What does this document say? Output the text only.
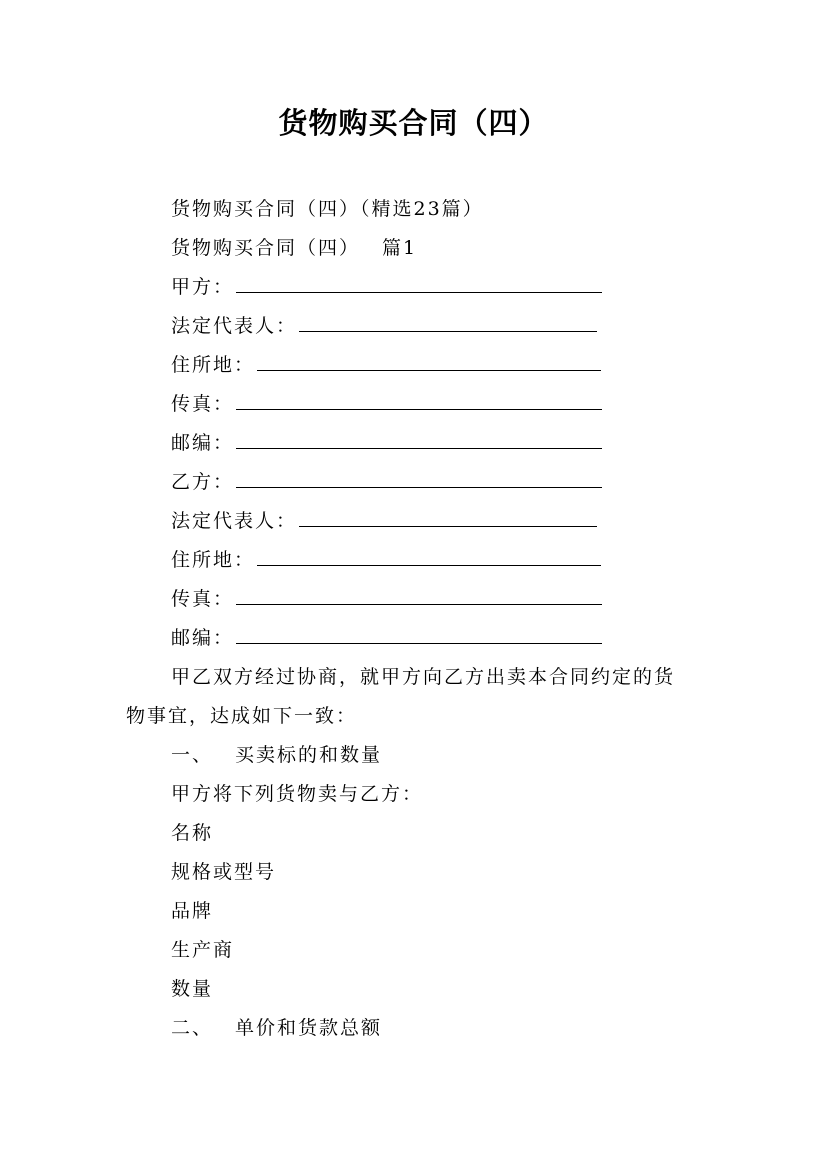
货物购买合同（四）
货物购买合同（四）（精选23篇）
货物购买合同（四） 篇1
甲方：
法定代表人：
住所地：
传真：
邮编：
乙方：
法定代表人：
住所地：
传真：
邮编：
甲乙双方经过协商，就甲方向乙方出卖本合同约定的货
物事宜，达成如下一致：
一、 买卖标的和数量
甲方将下列货物卖与乙方：
名称
规格或型号
品牌
生产商
数量
二、 单价和货款总额
